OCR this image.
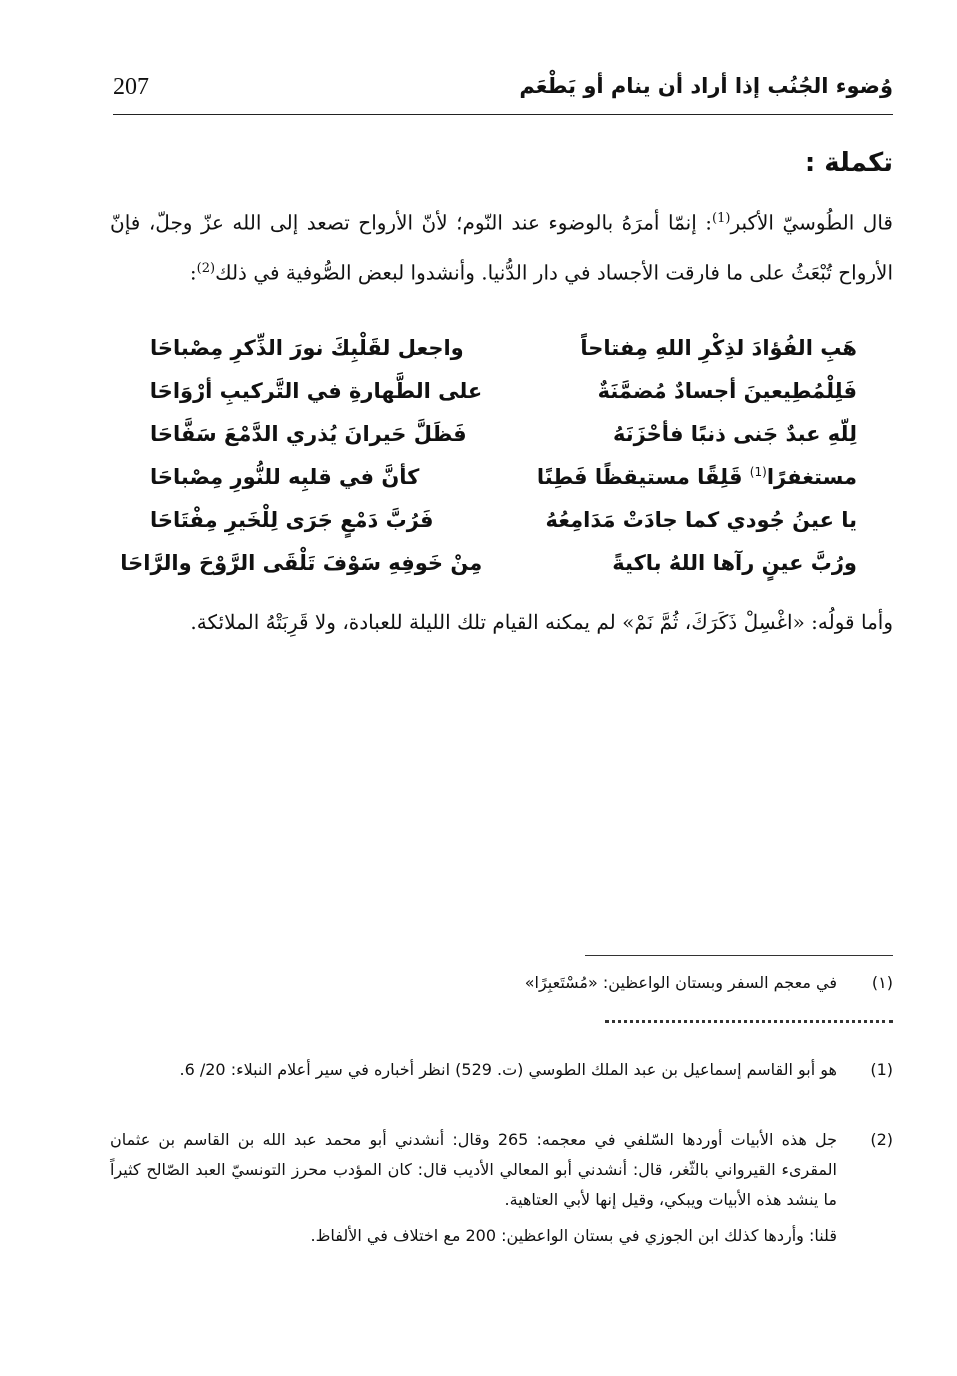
وُضوء الجُنُب إذا أراد أن ينام أو يَطْعَم
207
تكملة :
قال الطُوسيّ الأكبر$^{(1)}$: إنمّا أمرَهُ بالوضوء عند النّوم؛ لأنّ الأرواح تصعد إلى الله عزّ وجلّ، فإنّ الأرواح تُبْعَثُ على ما فارقت الأجساد في دار الدُّنيا. وأنشدوا لبعض الصُّوفية في ذلك$^{(2)}$:
هَبِ الفُؤادَ لذِكْرِ اللهِ مِفتاحاً
واجعل لقَلْبِكَ نورَ الذِّكرِ مِصْباحَا
فَلِلْمُطِيعينَ أجسادٌ مُضمَّنَةٌ
على الطَّهارةِ في التَّركيبِ أرْوَاحَا
لِلّهِ عبدٌ جَنى ذنبًا فأحْزَنَهُ
فَظَلَّ حَيرانَ يُذري الدَّمْعَ سَفَّاحَا
مستغفرًا$^{(1)}$ قَلِقًا مستيقظًا فَطِنًا
كأنَّ في قلبِه للنُّورِ مِصْباحَا
يا عينُ جُودي كما جادَتْ مَدَامِعُهُ
فَرُبَّ دَمْعٍ جَرَى لِلْخَيرِ مِفْتَاحَا
ورُبَّ عينٍ رآها اللهُ باكيةً
مِنْ خَوفِهِ سَوْفَ تَلْقَى الرَّوْحَ والرَّاحَا
وأما قولُه: «اغْسِلْ ذَكَرَكَ، ثُمَّ نَمْ» لم يمكنه القيام تلك الليلة للعبادة، ولا قَرِبَتْهُ الملائكة.
(١)
في معجم السفر وبستان الواعظين: «مُسْتَعبِرًا»
(1)
هو أبو القاسم إسماعيل بن عبد الملك الطوسي (ت. 529) انظر أخباره في سير أعلام النبلاء: 20/ 6.
(2)
جل هذه الأبيات أوردها السّلفي في معجمه: 265 وقال: أنشدني أبو محمد عبد الله بن القاسم بن عثمان المقرىء القيرواني بالثّغر، قال: أنشدني أبو المعالي الأديب قال: كان المؤدب محرز التونسيّ العبد الصّالح كثيراً ما ينشد هذه الأبيات ويبكي، وقيل إنها لأبي العتاهية.
قلنا: وأردها كذلك ابن الجوزي في بستان الواعظين: 200 مع اختلاف في الألفاظ.
